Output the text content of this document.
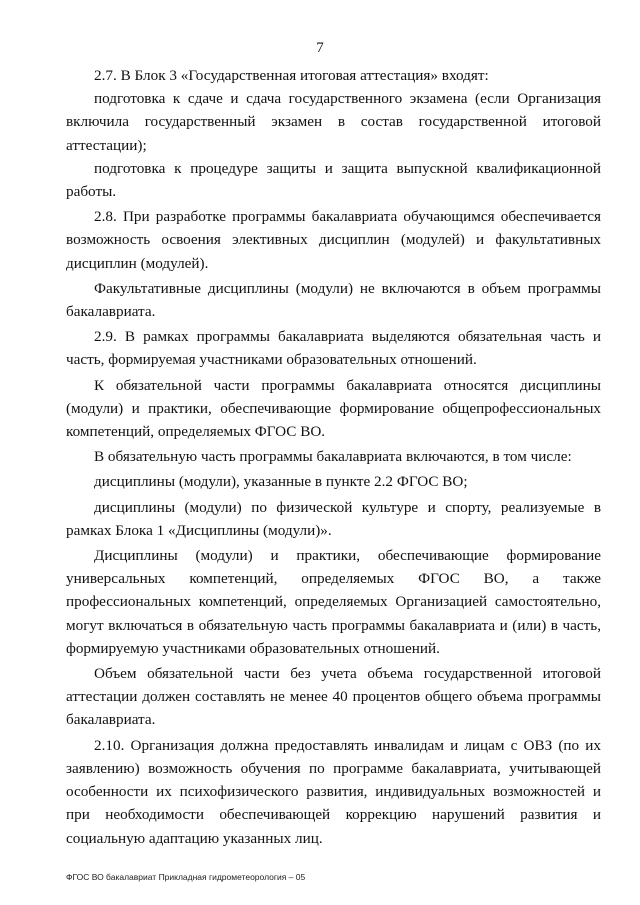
7

2.7. В Блок 3 «Государственная итоговая аттестация» входят:

подготовка к сдаче и сдача государственного экзамена (если Организация включила государственный экзамен в состав государственной итоговой аттестации);

подготовка к процедуре защиты и защита выпускной квалификационной работы.

2.8. При разработке программы бакалавриата обучающимся обеспечивается возможность освоения элективных дисциплин (модулей) и факультативных дисциплин (модулей).

Факультативные дисциплины (модули) не включаются в объем программы бакалавриата.

2.9. В рамках программы бакалавриата выделяются обязательная часть и часть, формируемая участниками образовательных отношений.

К обязательной части программы бакалавриата относятся дисциплины (модули) и практики, обеспечивающие формирование общепрофессиональных компетенций, определяемых ФГОС ВО.

В обязательную часть программы бакалавриата включаются, в том числе:

дисциплины (модули), указанные в пункте 2.2 ФГОС ВО;

дисциплины (модули) по физической культуре и спорту, реализуемые в рамках Блока 1 «Дисциплины (модули)».

Дисциплины (модули) и практики, обеспечивающие формирование универсальных компетенций, определяемых ФГОС ВО, а также профессиональных компетенций, определяемых Организацией самостоятельно, могут включаться в обязательную часть программы бакалавриата и (или) в часть, формируемую участниками образовательных отношений.

Объем обязательной части без учета объема государственной итоговой аттестации должен составлять не менее 40 процентов общего объема программы бакалавриата.

2.10. Организация должна предоставлять инвалидам и лицам с ОВЗ (по их заявлению) возможность обучения по программе бакалавриата, учитывающей особенности их психофизического развития, индивидуальных возможностей и при необходимости обеспечивающей коррекцию нарушений развития и социальную адаптацию указанных лиц.

ФГОС ВО бакалавриат Прикладная гидрометеорология – 05
